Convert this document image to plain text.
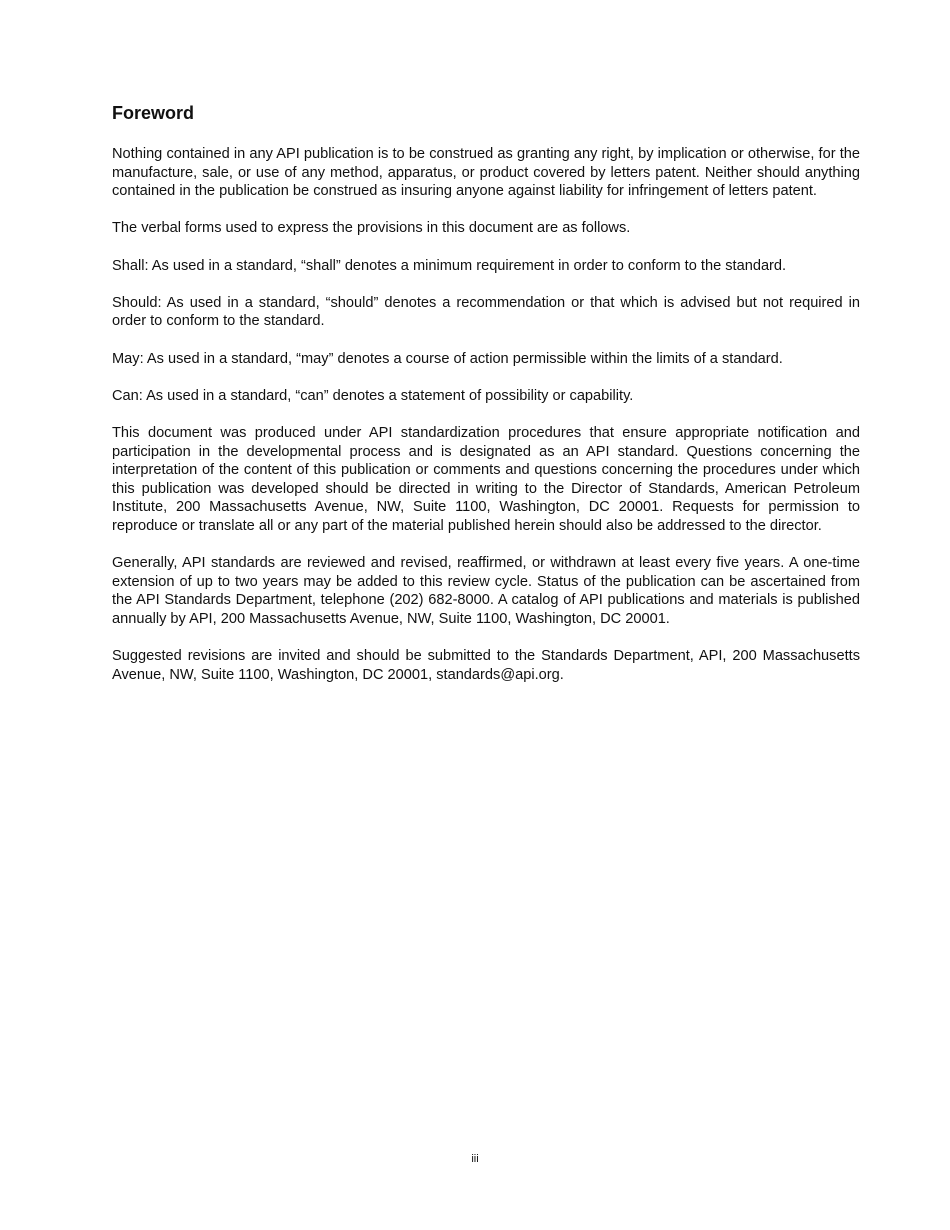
Foreword

Nothing contained in any API publication is to be construed as granting any right, by implication or otherwise, for the manufacture, sale, or use of any method, apparatus, or product covered by letters patent. Neither should anything contained in the publication be construed as insuring anyone against liability for infringement of letters patent.

The verbal forms used to express the provisions in this document are as follows.

Shall: As used in a standard, “shall” denotes a minimum requirement in order to conform to the standard.

Should: As used in a standard, “should” denotes a recommendation or that which is advised but not required in order to conform to the standard.

May: As used in a standard, “may” denotes a course of action permissible within the limits of a standard.

Can: As used in a standard, “can” denotes a statement of possibility or capability.

This document was produced under API standardization procedures that ensure appropriate notification and participation in the developmental process and is designated as an API standard. Questions concerning the interpretation of the content of this publication or comments and questions concerning the procedures under which this publication was developed should be directed in writing to the Director of Standards, American Petroleum Institute, 200 Massachusetts Avenue, NW, Suite 1100, Washington, DC 20001. Requests for permission to reproduce or translate all or any part of the material published herein should also be addressed to the director.

Generally, API standards are reviewed and revised, reaffirmed, or withdrawn at least every five years. A one-time extension of up to two years may be added to this review cycle. Status of the publication can be ascertained from the API Standards Department, telephone (202) 682-8000. A catalog of API publications and materials is published annually by API, 200 Massachusetts Avenue, NW, Suite 1100, Washington, DC 20001.

Suggested revisions are invited and should be submitted to the Standards Department, API, 200 Massachusetts Avenue, NW, Suite 1100, Washington, DC 20001, standards@api.org.

iii
